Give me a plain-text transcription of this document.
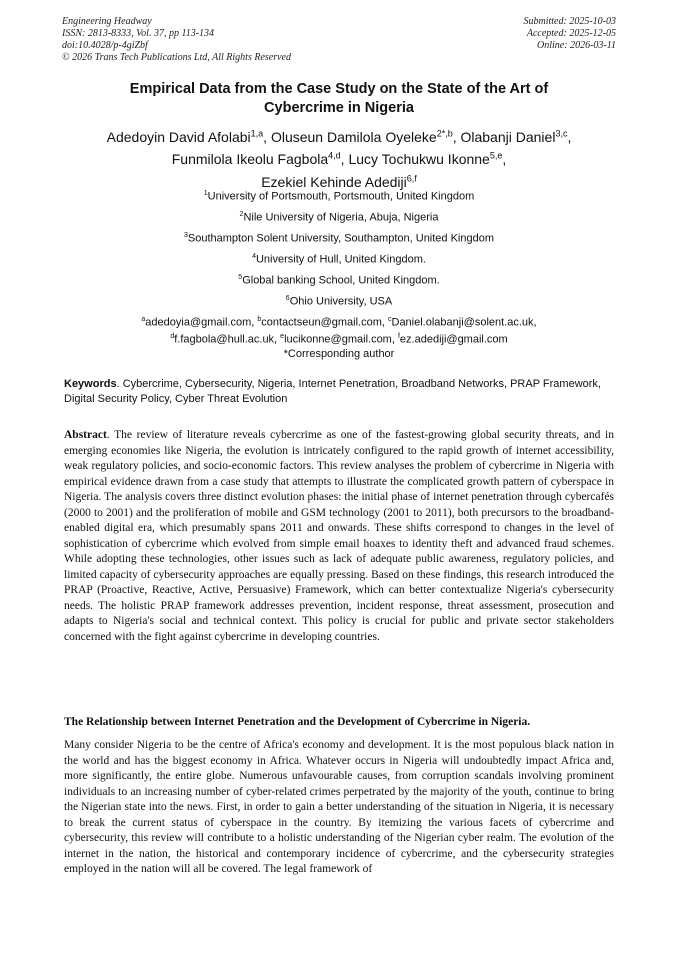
Engineering Headway
ISSN: 2813-8333, Vol. 37, pp 113-134
doi:10.4028/p-4giZbf
© 2026 Trans Tech Publications Ltd, All Rights Reserved
Submitted: 2025-10-03
Accepted: 2025-12-05
Online: 2026-03-11
Empirical Data from the Case Study on the State of the Art of Cybercrime in Nigeria
Adedoyin David Afolabi$^{1,a}$, Oluseun Damilola Oyeleke$^{2*,b}$, Olabanji Daniel$^{3,c}$,
Funmilola Ikeolu Fagbola$^{4,d}$, Lucy Tochukwu Ikonne$^{5,e}$,
Ezekiel Kehinde Adediji$^{6,f}$
$^1$University of Portsmouth, Portsmouth, United Kingdom
$^2$Nile University of Nigeria, Abuja, Nigeria
$^3$Southampton Solent University, Southampton, United Kingdom
$^4$University of Hull, United Kingdom.
$^5$Global banking School, United Kingdom.
$^6$Ohio University, USA
$^a$adedoyia@gmail.com, $^b$contactseun@gmail.com, $^c$Daniel.olabanji@solent.ac.uk,
$^d$f.fagbola@hull.ac.uk, $^e$lucikonne@gmail.com, $^f$ez.adediji@gmail.com
*Corresponding author
Keywords. Cybercrime, Cybersecurity, Nigeria, Internet Penetration, Broadband Networks, PRAP Framework, Digital Security Policy, Cyber Threat Evolution
Abstract. The review of literature reveals cybercrime as one of the fastest-growing global security threats, and in emerging economies like Nigeria, the evolution is intricately configured to the rapid growth of internet accessibility, weak regulatory policies, and socio-economic factors. This review analyses the problem of cybercrime in Nigeria with empirical evidence drawn from a case study that attempts to illustrate the complicated growth pattern of cyberspace in Nigeria. The analysis covers three distinct evolution phases: the initial phase of internet penetration through cybercafés (2000 to 2001) and the proliferation of mobile and GSM technology (2001 to 2011), both precursors to the broadband-enabled digital era, which presumably spans 2011 and onwards. These shifts correspond to changes in the level of sophistication of cybercrime which evolved from simple email hoaxes to identity theft and advanced fraud schemes. While adopting these technologies, other issues such as lack of adequate public awareness, regulatory policies, and limited capacity of cybersecurity approaches are equally pressing. Based on these findings, this research introduced the PRAP (Proactive, Reactive, Active, Persuasive) Framework, which can better contextualize Nigeria's cybersecurity needs. The holistic PRAP framework addresses prevention, incident response, threat assessment, prosecution and adapts to Nigeria's social and technical context. This policy is crucial for public and private sector stakeholders concerned with the fight against cybercrime in developing countries.
The Relationship between Internet Penetration and the Development of Cybercrime in Nigeria.
Many consider Nigeria to be the centre of Africa's economy and development. It is the most populous black nation in the world and has the biggest economy in Africa. Whatever occurs in Nigeria will undoubtedly impact Africa and, more significantly, the entire globe. Numerous unfavourable causes, from corruption scandals involving prominent individuals to an increasing number of cyber-related crimes perpetrated by the majority of the youth, continue to bring the Nigerian state into the news. First, in order to gain a better understanding of the situation in Nigeria, it is necessary to break the current status of cyberspace in the country. By itemizing the various facets of cybercrime and cybersecurity, this review will contribute to a holistic understanding of the Nigerian cyber realm. The evolution of the internet in the nation, the historical and contemporary incidence of cybercrime, and the cybersecurity strategies employed in the nation will all be covered. The legal framework of
